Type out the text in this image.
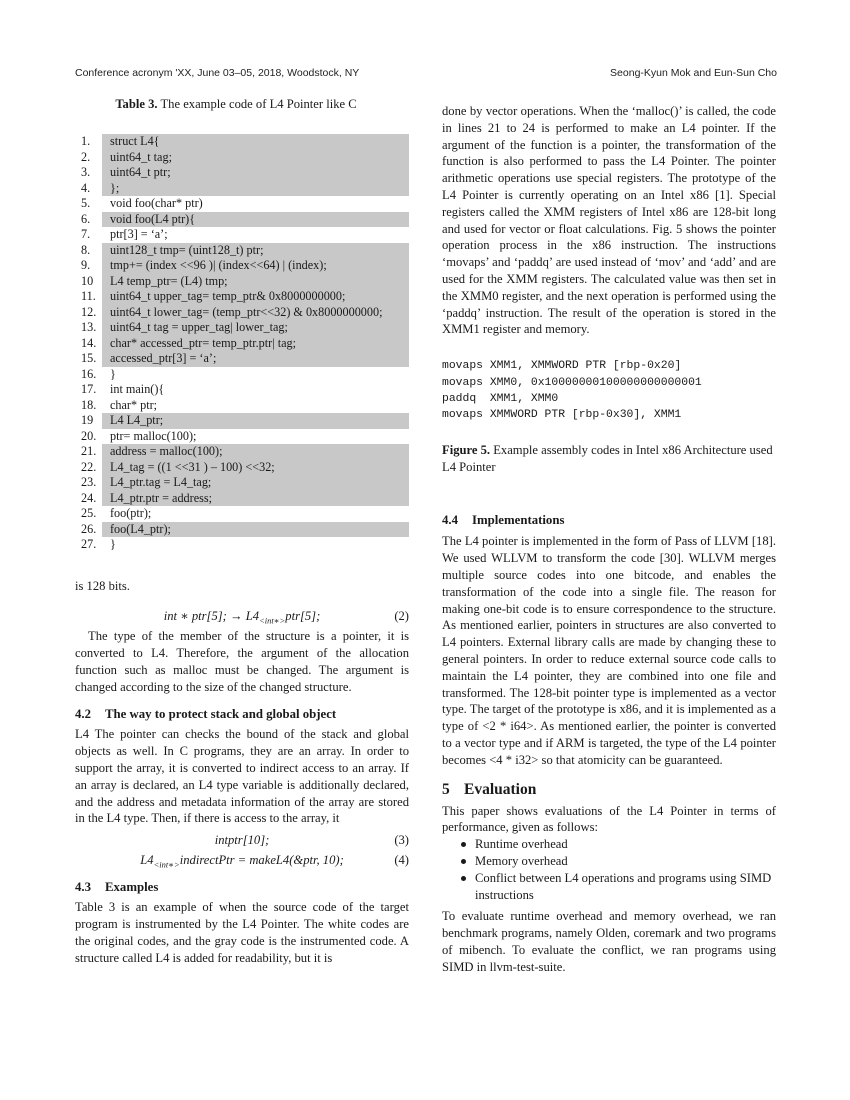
Conference acronym 'XX, June 03–05, 2018, Woodstock, NY	Seong-Kyun Mok and Eun-Sun Cho
Table 3. The example code of L4 Pointer like C
1.	struct L4{
2.	uint64_t tag;
3.	uint64_t ptr;
4.	};
5.	void foo(char* ptr)
6.	void foo(L4 ptr){
7.	ptr[3] = ‘a’;
8.	uint128_t tmp= (uint128_t) ptr;
9.	tmp+= (index <<96 )| (index<<64) | (index);
10	L4 temp_ptr= (L4) tmp;
11.	uint64_t upper_tag= temp_ptr& 0x8000000000;
12.	uint64_t lower_tag= (temp_ptr<<32) & 0x8000000000;
13.	uint64_t tag = upper_tag| lower_tag;
14.	char* accessed_ptr= temp_ptr.ptr| tag;
15.	accessed_ptr[3] = ‘a’;
16.	}
17.	int main(){
18.	char* ptr;
19	L4 L4_ptr;
20.	ptr= malloc(100);
21.	address = malloc(100);
22.	L4_tag = ((1 <<31 ) – 100) <<32;
23.	L4_ptr.tag = L4_tag;
24.	L4_ptr.ptr = address;
25.	foo(ptr);
26.	foo(L4_ptr);
27.	}

is 128 bits.

int ∗ ptr[5]; → $L4_{<int∗>}ptr[5]$;	(2)

The type of the member of the structure is a pointer, it is converted to L4. Therefore, the argument of the allocation function such as malloc must be changed. The argument is changed according to the size of the changed structure.

4.2 The way to protect stack and global object

L4 The pointer can checks the bound of the stack and global objects as well. In C programs, they are an array. In order to support the array, it is converted to indirect access to an array. If an array is declared, an L4 type variable is additionally declared, and the address and metadata information of the array are stored in the L4 type. Then, if there is access to the array, it

intptr[10];	(3)
$L4_{<int∗>}indirectPtr$ = makeL4(&ptr, 10);	(4)
4.3 Examples

Table 3 is an example of when the source code of the target program is instrumented by the L4 Pointer. The white codes are the original codes, and the gray code is the instrumented code. A structure called L4 is added for readability, but it is

done by vector operations. When the ‘malloc()’ is called, the code in lines 21 to 24 is performed to make an L4 pointer. If the argument of the function is a pointer, the transformation of the function is also performed to pass the L4 Pointer. The pointer arithmetic operations use special registers. The prototype of the L4 Pointer is currently operating on an Intel x86 [1]. Special registers called the XMM registers of Intel x86 are 128-bit long and used for vector or float calculations. Fig. 5 shows the pointer operation process in the x86 instruction. The instructions ‘movaps’ and ‘paddq’ are used instead of ‘mov’ and ‘add’ and are used for the XMM registers. The calculated value was then set in the XMM0 register, and the next operation is performed using the ‘paddq’ instruction. The result of the operation is stored in the XMM1 register and memory.

movaps XMM1, XMMWORD PTR [rbp-0x20]
movaps XMM0, 0x10000000100000000000001
paddq  XMM1, XMM0
movaps XMMWORD PTR [rbp-0x30], XMM1
Figure 5. Example assembly codes in Intel x86 Architecture used L4 Pointer
4.4 Implementations

The L4 pointer is implemented in the form of Pass of LLVM [18]. We used WLLVM to transform the code [30]. WLLVM merges multiple source codes into one bitcode, and enables the transformation of the code into a single file. The reason for making one-bit code is to ensure correspondence to the structure. As mentioned earlier, pointers in structures are also converted to L4 pointers. External library calls are made by changing these to general pointers. In order to reduce external source code calls to maintain the L4 pointer, they are combined into one file and transformed. The 128-bit pointer type is implemented as a vector type. The target of the prototype is x86, and it is implemented as a type of <2 * i64>. As mentioned earlier, the pointer is converted to a vector type and if ARM is targeted, the type of the L4 pointer becomes <4 * i32> so that atomicity can be guaranteed.

5 Evaluation

This paper shows evaluations of the L4 Pointer in terms of performance, given as follows:

Runtime overhead
Memory overhead
Conflict between L4 operations and programs using SIMD instructions

To evaluate runtime overhead and memory overhead, we ran benchmark programs, namely Olden, coremark and two programs of mibench. To evaluate the conflict, we ran programs using SIMD in llvm-test-suite.
